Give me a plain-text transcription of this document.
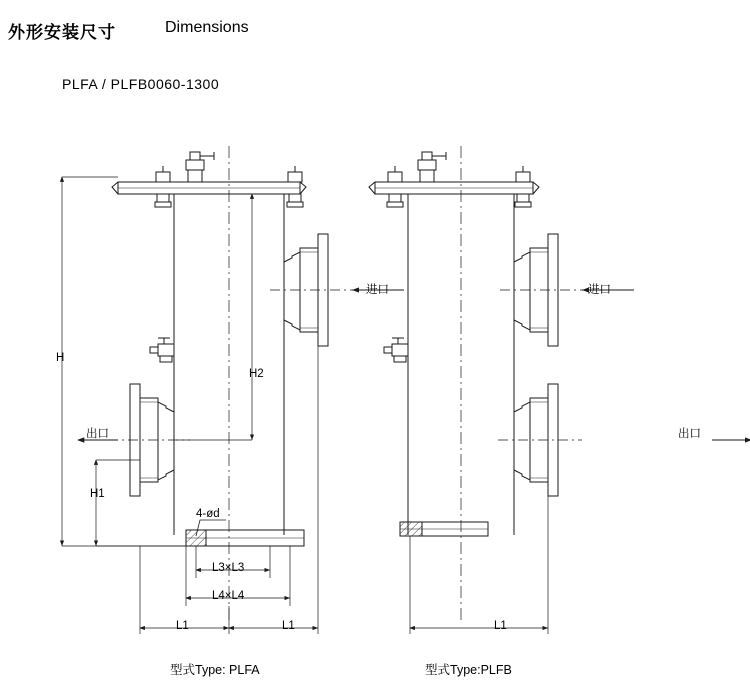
外形安装尺寸	Dimensions
PLFA / PLFB0060-1300
H
H2
H1
4-ød
L3×L3
L4×L4
L1	L1	L1
进口
出口
进口
出口
型式Type: PLFA	型式Type:PLFB
